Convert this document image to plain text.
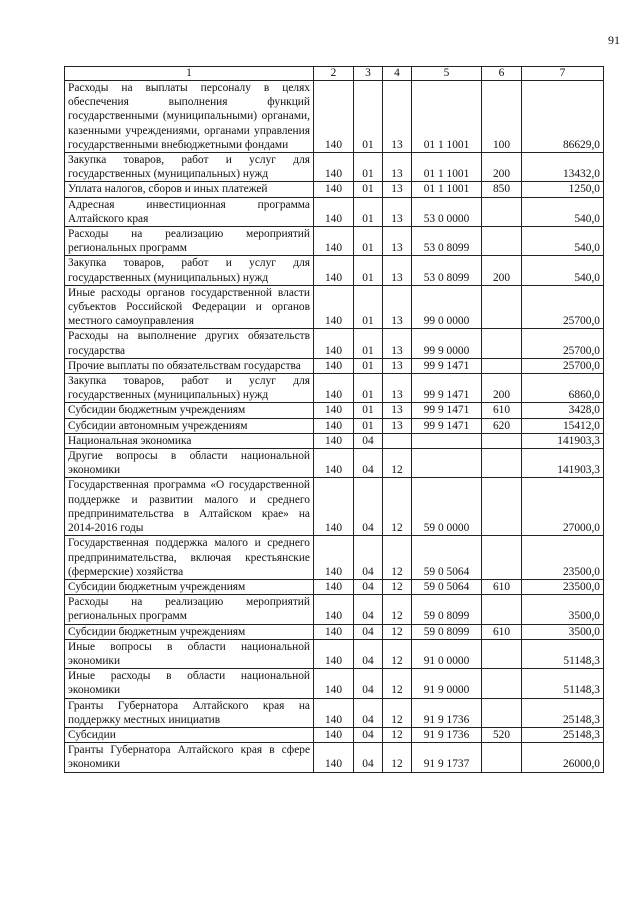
91
1	2	3	4	5	6	7
Расходы на выплаты персоналу в целях обеспечения выполнения функций государственными (муниципальными) органами, казенными учреждениями, органами управления государственными внебюджетными фондами	140	01	13	01 1 1001	100	86629,0
Закупка товаров, работ и услуг для государственных (муниципальных) нужд	140	01	13	01 1 1001	200	13432,0
Уплата налогов, сборов и иных платежей	140	01	13	01 1 1001	850	1250,0
Адресная инвестиционная программа Алтайского края	140	01	13	53 0 0000		540,0
Расходы на реализацию мероприятий региональных программ	140	01	13	53 0 8099		540,0
Закупка товаров, работ и услуг для государственных (муниципальных) нужд	140	01	13	53 0 8099	200	540,0
Иные расходы органов государственной власти субъектов Российской Федерации и органов местного самоуправления	140	01	13	99 0 0000		25700,0
Расходы на выполнение других обязательств государства	140	01	13	99 9 0000		25700,0
Прочие выплаты по обязательствам государства	140	01	13	99 9 1471		25700,0
Закупка товаров, работ и услуг для государственных (муниципальных) нужд	140	01	13	99 9 1471	200	6860,0
Субсидии бюджетным учреждениям	140	01	13	99 9 1471	610	3428,0
Субсидии автономным учреждениям	140	01	13	99 9 1471	620	15412,0
Национальная экономика	140	04				141903,3
Другие вопросы в области национальной экономики	140	04	12			141903,3
Государственная программа «О государственной поддержке и развитии малого и среднего предпринимательства в Алтайском крае» на 2014-2016 годы	140	04	12	59 0 0000		27000,0
Государственная поддержка малого и среднего предпринимательства, включая крестьянские (фермерские) хозяйства	140	04	12	59 0 5064		23500,0
Субсидии бюджетным учреждениям	140	04	12	59 0 5064	610	23500,0
Расходы на реализацию мероприятий региональных программ	140	04	12	59 0 8099		3500,0
Субсидии бюджетным учреждениям	140	04	12	59 0 8099	610	3500,0
Иные вопросы в области национальной экономики	140	04	12	91 0 0000		51148,3
Иные расходы в области национальной экономики	140	04	12	91 9 0000		51148,3
Гранты Губернатора Алтайского края на поддержку местных инициатив	140	04	12	91 9 1736		25148,3
Субсидии	140	04	12	91 9 1736	520	25148,3
Гранты Губернатора Алтайского края в сфере экономики	140	04	12	91 9 1737		26000,0
